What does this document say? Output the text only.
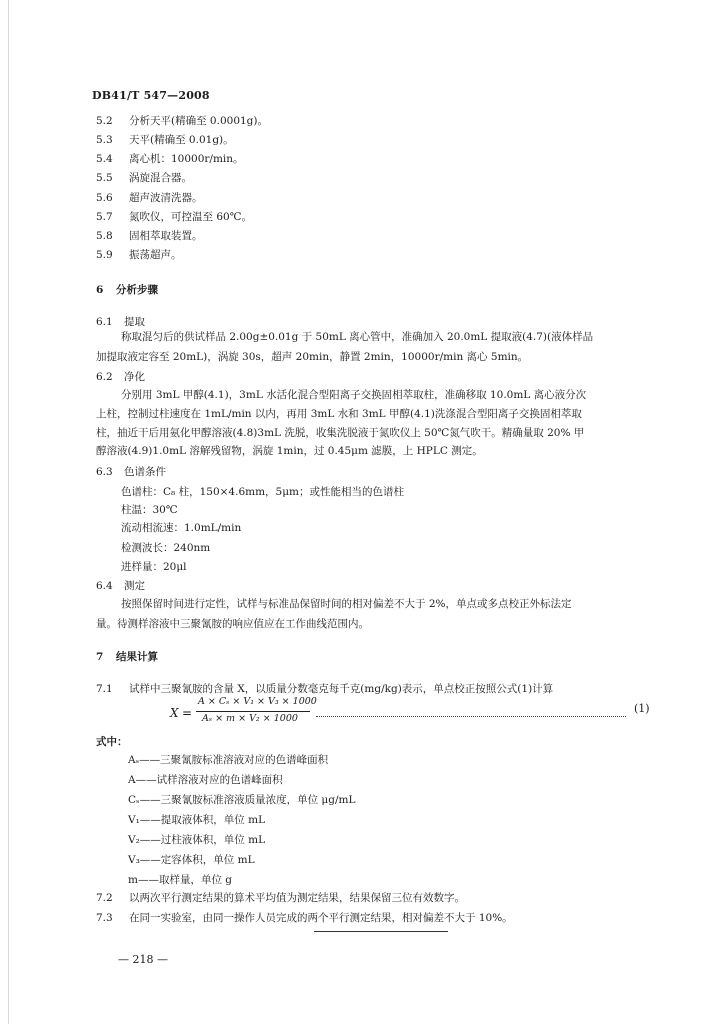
DB41/T 547—2008
5.2 分析天平(精确至 0.0001g)。
5.3 天平(精确至 0.01g)。
5.4 离心机：10000r/min。
5.5 涡旋混合器。
5.6 超声波清洗器。
5.7 氮吹仪，可控温至 60℃。
5.8 固相萃取装置。
5.9 振荡超声。
6 分析步骤
6.1 提取
称取混匀后的供试样品 2.00g±0.01g 于 50mL 离心管中，准确加入 20.0mL 提取液(4.7)(液体样品
加提取液定容至 20mL)，涡旋 30s，超声 20min，静置 2min，10000r/min 离心 5min。
6.2 净化
分别用 3mL 甲醇(4.1)，3mL 水活化混合型阳离子交换固相萃取柱，准确移取 10.0mL 离心液分次
上柱，控制过柱速度在 1mL/min 以内，再用 3mL 水和 3mL 甲醇(4.1)洗涤混合型阳离子交换固相萃取
柱，抽近干后用氨化甲醇溶液(4.8)3mL 洗脱，收集洗脱液于氮吹仪上 50℃氮气吹干。精确量取 20% 甲
醇溶液(4.9)1.0mL 溶解残留物，涡旋 1min，过 0.45μm 滤膜，上 HPLC 测定。
6.3 色谱条件
色谱柱：C₈ 柱，150×4.6mm，5μm；或性能相当的色谱柱
柱温：30℃
流动相流速：1.0mL/min
检测波长：240nm
进样量：20μl
6.4 测定
按照保留时间进行定性，试样与标准品保留时间的相对偏差不大于 2%，单点或多点校正外标法定
量。待测样溶液中三聚氰胺的响应值应在工作曲线范围内。
7 结果计算
7.1 试样中三聚氰胺的含量 X，以质量分数毫克每千克(mg/kg)表示，单点校正按照公式(1)计算
X =
A × Cₛ × V₁ × V₃ × 1000
Aₛ × m × V₂ × 1000
(1)
式中：
Aₛ——三聚氰胺标准溶液对应的色谱峰面积
A——试样溶液对应的色谱峰面积
Cₛ——三聚氰胺标准溶液质量浓度，单位 μg/mL
V₁——提取液体积，单位 mL
V₂——过柱液体积，单位 mL
V₃——定容体积，单位 mL
m——取样量，单位 g
7.2 以两次平行测定结果的算术平均值为测定结果，结果保留三位有效数字。
7.3 在同一实验室，由同一操作人员完成的两个平行测定结果，相对偏差不大于 10%。
— 218 —
